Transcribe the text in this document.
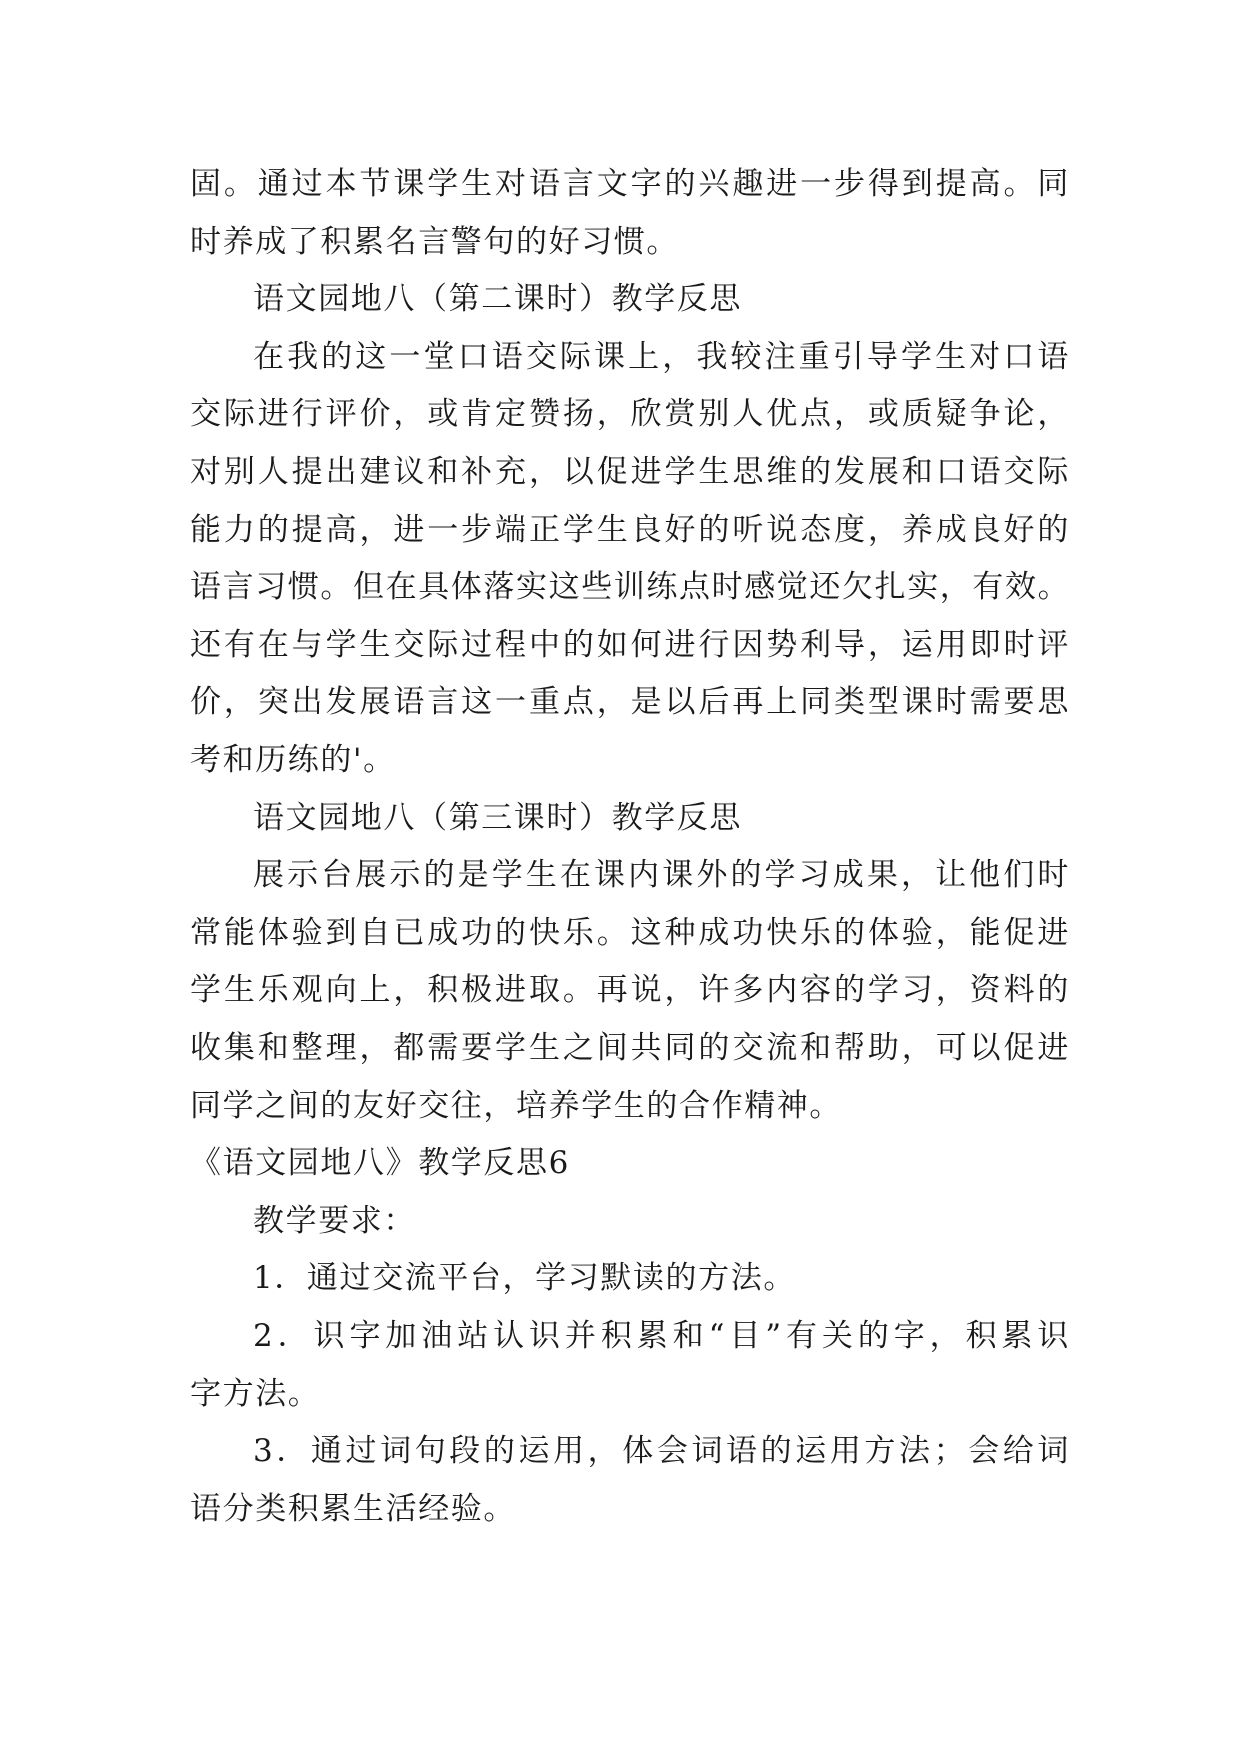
固。通过本节课学生对语言文字的兴趣进一步得到提高。同
时养成了积累名言警句的好习惯。
语文园地八（第二课时）教学反思
在我的这一堂口语交际课上，我较注重引导学生对口语
交际进行评价，或肯定赞扬，欣赏别人优点，或质疑争论，
对别人提出建议和补充，以促进学生思维的发展和口语交际
能力的提高，进一步端正学生良好的听说态度，养成良好的
语言习惯。但在具体落实这些训练点时感觉还欠扎实，有效。
还有在与学生交际过程中的如何进行因势利导，运用即时评
价，突出发展语言这一重点，是以后再上同类型课时需要思
考和历练的'。
语文园地八（第三课时）教学反思
展示台展示的是学生在课内课外的学习成果，让他们时
常能体验到自已成功的快乐。这种成功快乐的体验，能促进
学生乐观向上，积极进取。再说，许多内容的学习，资料的
收集和整理，都需要学生之间共同的交流和帮助，可以促进
同学之间的友好交往，培养学生的合作精神。
《语文园地八》教学反思6
教学要求：
1．通过交流平台，学习默读的方法。
2．识字加油站认识并积累和“目”有关的字，积累识
字方法。
3．通过词句段的运用，体会词语的运用方法；会给词
语分类积累生活经验。
